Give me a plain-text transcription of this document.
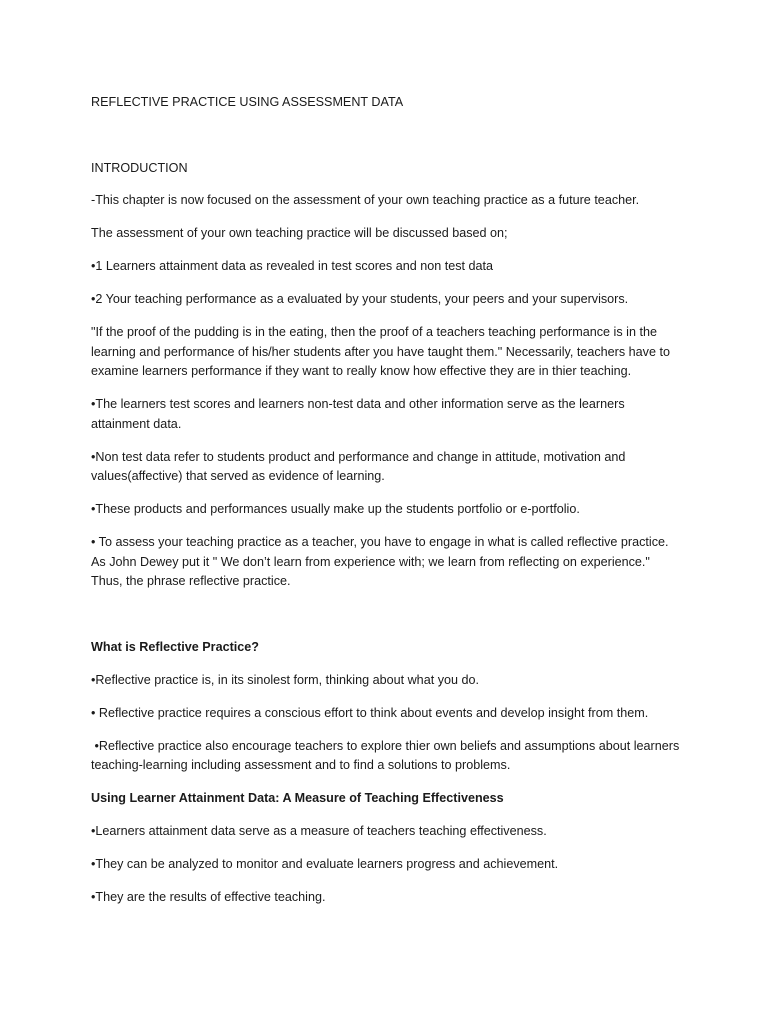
REFLECTIVE PRACTICE USING ASSESSMENT DATA

INTRODUCTION

-This chapter is now focused on the assessment of your own teaching practice as a future teacher.

The assessment of your own teaching practice will be discussed based on;

•1 Learners attainment data as revealed in test scores and non test data

•2 Your teaching performance as a evaluated by your students, your peers and your supervisors.

"If the proof of the pudding is in the eating, then the proof of a teachers teaching performance is in the learning and performance of his/her students after you have taught them." Necessarily, teachers have to examine learners performance if they want to really know how effective they are in thier teaching.

•The learners test scores and learners non-test data and other information serve as the learners attainment data.

•Non test data refer to students product and performance and change in attitude, motivation and values(affective) that served as evidence of learning.

•These products and performances usually make up the students portfolio or e-portfolio.

• To assess your teaching practice as a teacher, you have to engage in what is called reflective practice. As John Dewey put it " We don’t learn from experience with; we learn from reflecting on experience." Thus, the phrase reflective practice.

What is Reflective Practice?

•Reflective practice is, in its sinolest form, thinking about what you do.

• Reflective practice requires a conscious effort to think about events and develop insight from them.

•Reflective practice also encourage teachers to explore thier own beliefs and assumptions about learners teaching-learning including assessment and to find a solutions to problems.

Using Learner Attainment Data: A Measure of Teaching Effectiveness

•Learners attainment data serve as a measure of teachers teaching effectiveness.

•They can be analyzed to monitor and evaluate learners progress and achievement.

•They are the results of effective teaching.
